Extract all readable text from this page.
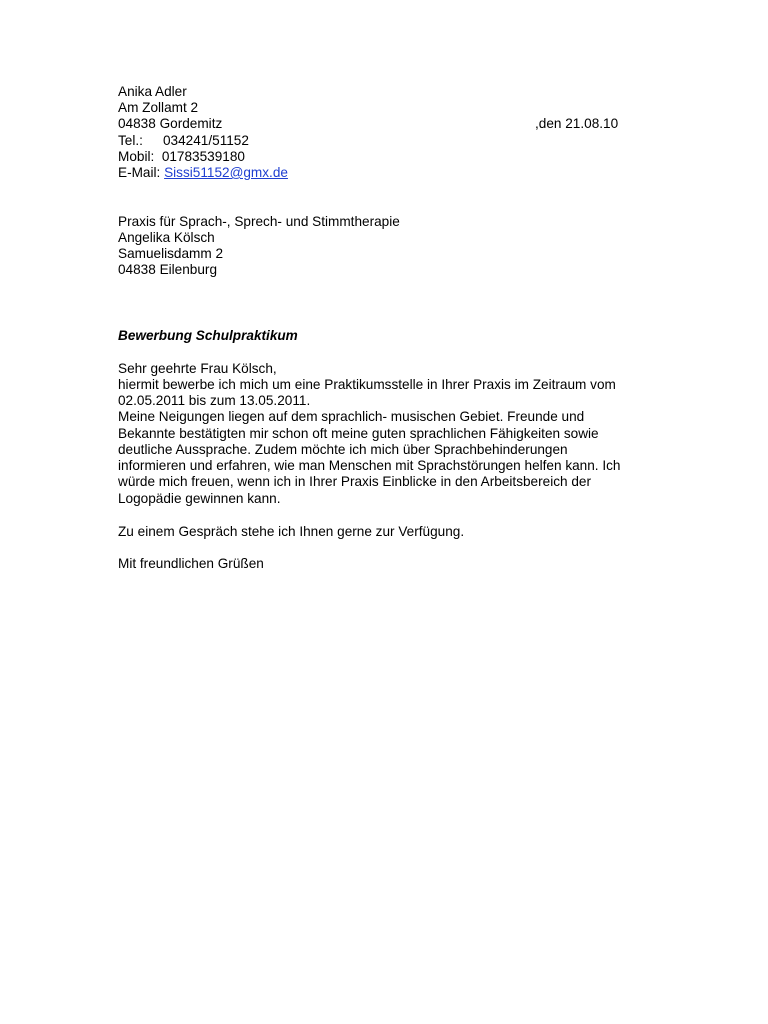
Anika Adler
Am Zollamt 2
04838 Gordemitz	,den 21.08.10
Tel.: 034241/51152
Mobil:  01783539180
E-Mail: Sissi51152@gmx.de
Praxis für Sprach-, Sprech- und Stimmtherapie
Angelika Kölsch
Samuelisdamm 2
04838 Eilenburg
Bewerbung Schulpraktikum
Sehr geehrte Frau Kölsch,
hiermit bewerbe ich mich um eine Praktikumsstelle in Ihrer Praxis im Zeitraum vom
02.05.2011 bis zum 13.05.2011.
Meine Neigungen liegen auf dem sprachlich- musischen Gebiet. Freunde und
Bekannte bestätigten mir schon oft meine guten sprachlichen Fähigkeiten sowie
deutliche Aussprache. Zudem möchte ich mich über Sprachbehinderungen
informieren und erfahren, wie man Menschen mit Sprachstörungen helfen kann. Ich
würde mich freuen, wenn ich in Ihrer Praxis Einblicke in den Arbeitsbereich der
Logopädie gewinnen kann.
Zu einem Gespräch stehe ich Ihnen gerne zur Verfügung.
Mit freundlichen Grüßen
